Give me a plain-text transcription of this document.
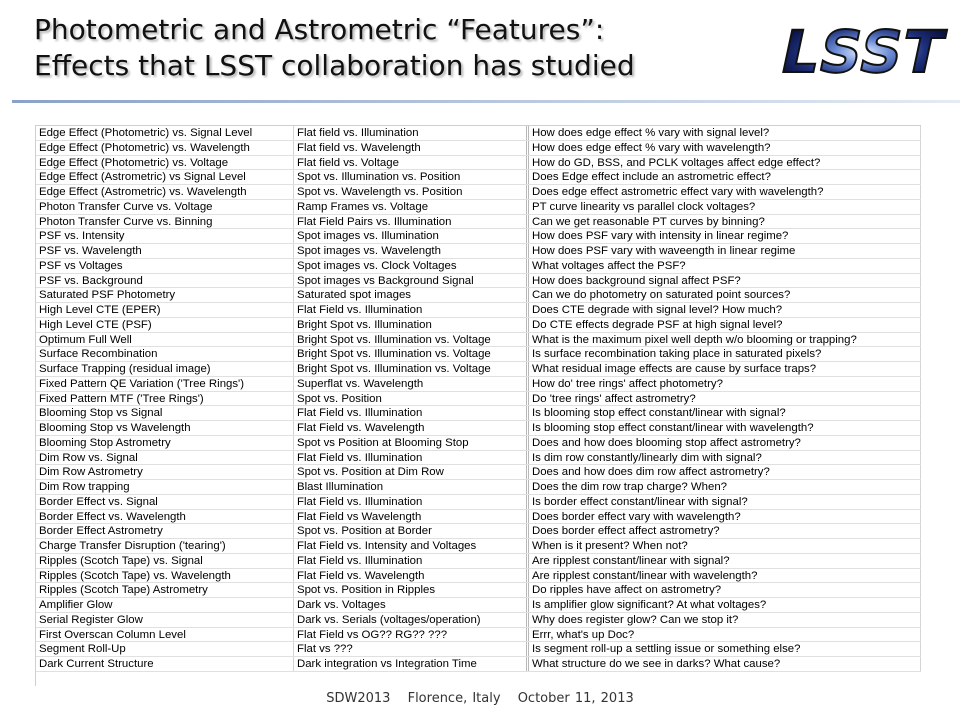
Photometric and Astrometric “Features”:
Effects that LSST collaboration has studied	LSST
Edge Effect (Photometric) vs. Signal Level	Flat field vs. Illumination	How does edge effect % vary with signal level?
Edge Effect (Photometric) vs. Wavelength	Flat field vs. Wavelength	How does edge effect % vary with wavelength?
Edge Effect (Photometric) vs. Voltage	Flat field vs. Voltage	How do GD, BSS, and PCLK voltages affect edge effect?
Edge Effect (Astrometric) vs Signal Level	Spot vs. Illumination vs. Position	Does Edge effect include an astrometric effect?
Edge Effect (Astrometric) vs. Wavelength	Spot vs. Wavelength vs. Position	Does edge effect astrometric effect vary with wavelength?
Photon Transfer Curve vs. Voltage	Ramp Frames vs. Voltage	PT curve linearity vs parallel clock voltages?
Photon Transfer Curve vs. Binning	Flat Field Pairs vs. Illumination	Can we get reasonable PT curves by binning?
PSF vs. Intensity	Spot images vs. Illumination	How does PSF vary with intensity in linear regime?
PSF vs. Wavelength	Spot images vs. Wavelength	How does PSF vary with waveength in linear regime
PSF vs Voltages	Spot images vs. Clock Voltages	What voltages affect the PSF?
PSF vs. Background	Spot images vs Background Signal	How does background signal affect PSF?
Saturated PSF Photometry	Saturated spot images	Can we do photometry on saturated point sources?
High Level CTE (EPER)	Flat Field vs. Illumination	Does CTE degrade with signal level? How much?
High Level CTE (PSF)	Bright Spot vs. Illumination	Do CTE effects degrade PSF at high signal level?
Optimum Full Well	Bright Spot vs. Illumination vs. Voltage	What is the maximum pixel well depth w/o blooming or trapping?
Surface Recombination	Bright Spot vs. Illumination vs. Voltage	Is surface recombination taking place in saturated pixels?
Surface Trapping (residual image)	Bright Spot vs. Illumination vs. Voltage	What residual image effects are cause by surface traps?
Fixed Pattern QE Variation ('Tree Rings')	Superflat vs. Wavelength	How do' tree rings' affect photometry?
Fixed Pattern MTF ('Tree Rings')	Spot vs. Position	Do 'tree rings' affect astrometry?
Blooming Stop vs Signal	Flat Field vs. Illumination	Is blooming stop effect constant/linear with signal?
Blooming Stop vs Wavelength	Flat Field vs. Wavelength	Is blooming stop effect constant/linear with wavelength?
Blooming Stop Astrometry	Spot vs Position at Blooming Stop	Does and how does blooming stop affect astrometry?
Dim Row vs. Signal	Flat Field vs. Illumination	Is dim row constantly/linearly dim with signal?
Dim Row Astrometry	Spot vs. Position at Dim Row	Does and how does dim row affect astrometry?
Dim Row trapping	Blast Illumination	Does the dim row trap charge? When?
Border Effect vs. Signal	Flat Field vs. Illumination	Is border effect constant/linear with signal?
Border Effect vs. Wavelength	Flat Field vs Wavelength	Does border effect vary with wavelength?
Border Effect Astrometry	Spot vs. Position at Border	Does border effect affect astrometry?
Charge Transfer Disruption ('tearing')	Flat Field vs. Intensity and Voltages	When is it present? When not?
Ripples (Scotch Tape) vs. Signal	Flat Field vs. Illumination	Are ripplest constant/linear with signal?
Ripples (Scotch Tape) vs. Wavelength	Flat Field vs. Wavelength	Are ripplest constant/linear with wavelength?
Ripples (Scotch Tape) Astrometry	Spot vs. Position in Ripples	Do ripples have affect on astrometry?
Amplifier Glow	Dark vs. Voltages	Is amplifier glow significant? At what voltages?
Serial Register Glow	Dark vs. Serials (voltages/operation)	Why does register glow? Can we stop it?
First Overscan Column Level	Flat Field vs OG?? RG?? ???	Errr, what's up Doc?
Segment Roll-Up	Flat vs ???	Is segment roll-up a settling issue or something else?
Dark Current Structure	Dark integration vs Integration Time	What structure do we see in darks? What cause?
SDW2013 Florence, Italy October 11, 2013
